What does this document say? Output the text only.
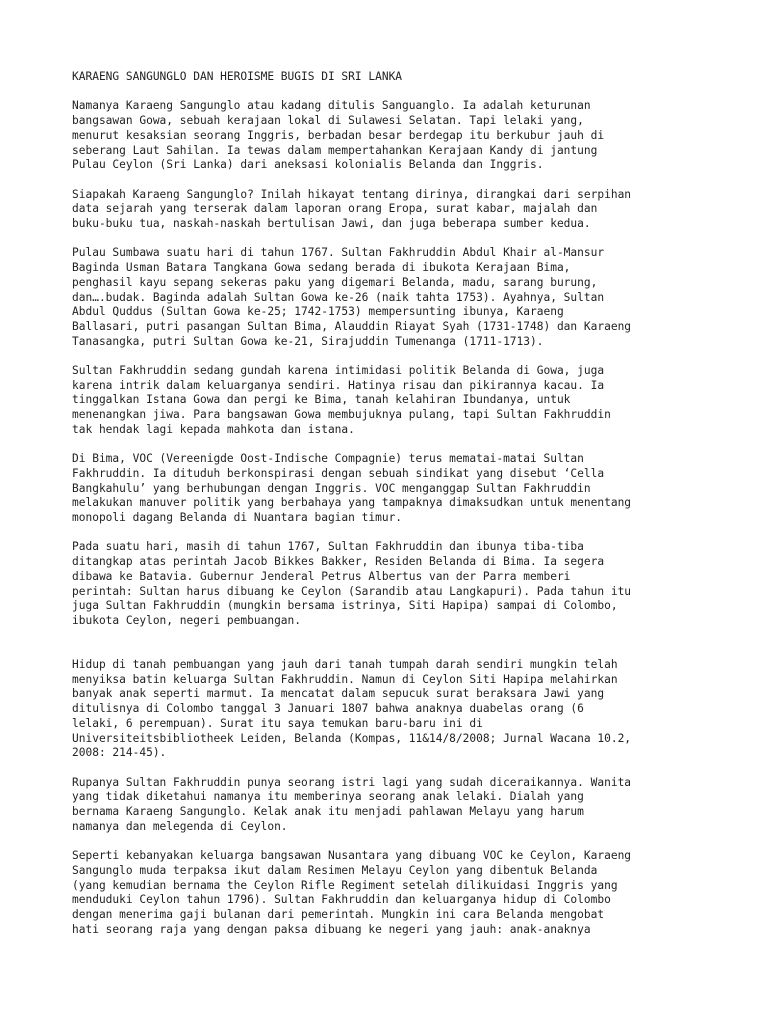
KARAENG SANGUNGLO DAN HEROISME BUGIS DI SRI LANKA
Namanya Karaeng Sangunglo atau kadang ditulis Sanguanglo. Ia adalah keturunan
bangsawan Gowa, sebuah kerajaan lokal di Sulawesi Selatan. Tapi lelaki yang,
menurut kesaksian seorang Inggris, berbadan besar berdegap itu berkubur jauh di
seberang Laut Sahilan. Ia tewas dalam mempertahankan Kerajaan Kandy di jantung
Pulau Ceylon (Sri Lanka) dari aneksasi kolonialis Belanda dan Inggris.
Siapakah Karaeng Sangunglo? Inilah hikayat tentang dirinya, dirangkai dari serpihan
data sejarah yang terserak dalam laporan orang Eropa, surat kabar, majalah dan
buku-buku tua, naskah-naskah bertulisan Jawi, dan juga beberapa sumber kedua.
Pulau Sumbawa suatu hari di tahun 1767. Sultan Fakhruddin Abdul Khair al-Mansur
Baginda Usman Batara Tangkana Gowa sedang berada di ibukota Kerajaan Bima,
penghasil kayu sepang sekeras paku yang digemari Belanda, madu, sarang burung,
dan….budak. Baginda adalah Sultan Gowa ke-26 (naik tahta 1753). Ayahnya, Sultan
Abdul Quddus (Sultan Gowa ke-25; 1742-1753) mempersunting ibunya, Karaeng
Ballasari, putri pasangan Sultan Bima, Alauddin Riayat Syah (1731-1748) dan Karaeng
Tanasangka, putri Sultan Gowa ke-21, Sirajuddin Tumenanga (1711-1713).
Sultan Fakhruddin sedang gundah karena intimidasi politik Belanda di Gowa, juga
karena intrik dalam keluarganya sendiri. Hatinya risau dan pikirannya kacau. Ia
tinggalkan Istana Gowa dan pergi ke Bima, tanah kelahiran Ibundanya, untuk
menenangkan jiwa. Para bangsawan Gowa membujuknya pulang, tapi Sultan Fakhruddin
tak hendak lagi kepada mahkota dan istana.
Di Bima, VOC (Vereenigde Oost-Indische Compagnie) terus mematai-matai Sultan
Fakhruddin. Ia dituduh berkonspirasi dengan sebuah sindikat yang disebut ‘Cella
Bangkahulu’ yang berhubungan dengan Inggris. VOC menganggap Sultan Fakhruddin
melakukan manuver politik yang berbahaya yang tampaknya dimaksudkan untuk menentang
monopoli dagang Belanda di Nuantara bagian timur.
Pada suatu hari, masih di tahun 1767, Sultan Fakhruddin dan ibunya tiba-tiba
ditangkap atas perintah Jacob Bikkes Bakker, Residen Belanda di Bima. Ia segera
dibawa ke Batavia. Gubernur Jenderal Petrus Albertus van der Parra memberi
perintah: Sultan harus dibuang ke Ceylon (Sarandib atau Langkapuri). Pada tahun itu
juga Sultan Fakhruddin (mungkin bersama istrinya, Siti Hapipa) sampai di Colombo,
ibukota Ceylon, negeri pembuangan.
Hidup di tanah pembuangan yang jauh dari tanah tumpah darah sendiri mungkin telah
menyiksa batin keluarga Sultan Fakhruddin. Namun di Ceylon Siti Hapipa melahirkan
banyak anak seperti marmut. Ia mencatat dalam sepucuk surat beraksara Jawi yang
ditulisnya di Colombo tanggal 3 Januari 1807 bahwa anaknya duabelas orang (6
lelaki, 6 perempuan). Surat itu saya temukan baru-baru ini di
Universiteitsbibliotheek Leiden, Belanda (Kompas, 11&14/8/2008; Jurnal Wacana 10.2,
2008: 214-45).
Rupanya Sultan Fakhruddin punya seorang istri lagi yang sudah diceraikannya. Wanita
yang tidak diketahui namanya itu memberinya seorang anak lelaki. Dialah yang
bernama Karaeng Sangunglo. Kelak anak itu menjadi pahlawan Melayu yang harum
namanya dan melegenda di Ceylon.
Seperti kebanyakan keluarga bangsawan Nusantara yang dibuang VOC ke Ceylon, Karaeng
Sangunglo muda terpaksa ikut dalam Resimen Melayu Ceylon yang dibentuk Belanda
(yang kemudian bernama the Ceylon Rifle Regiment setelah dilikuidasi Inggris yang
menduduki Ceylon tahun 1796). Sultan Fakhruddin dan keluarganya hidup di Colombo
dengan menerima gaji bulanan dari pemerintah. Mungkin ini cara Belanda mengobat
hati seorang raja yang dengan paksa dibuang ke negeri yang jauh: anak-anaknya
